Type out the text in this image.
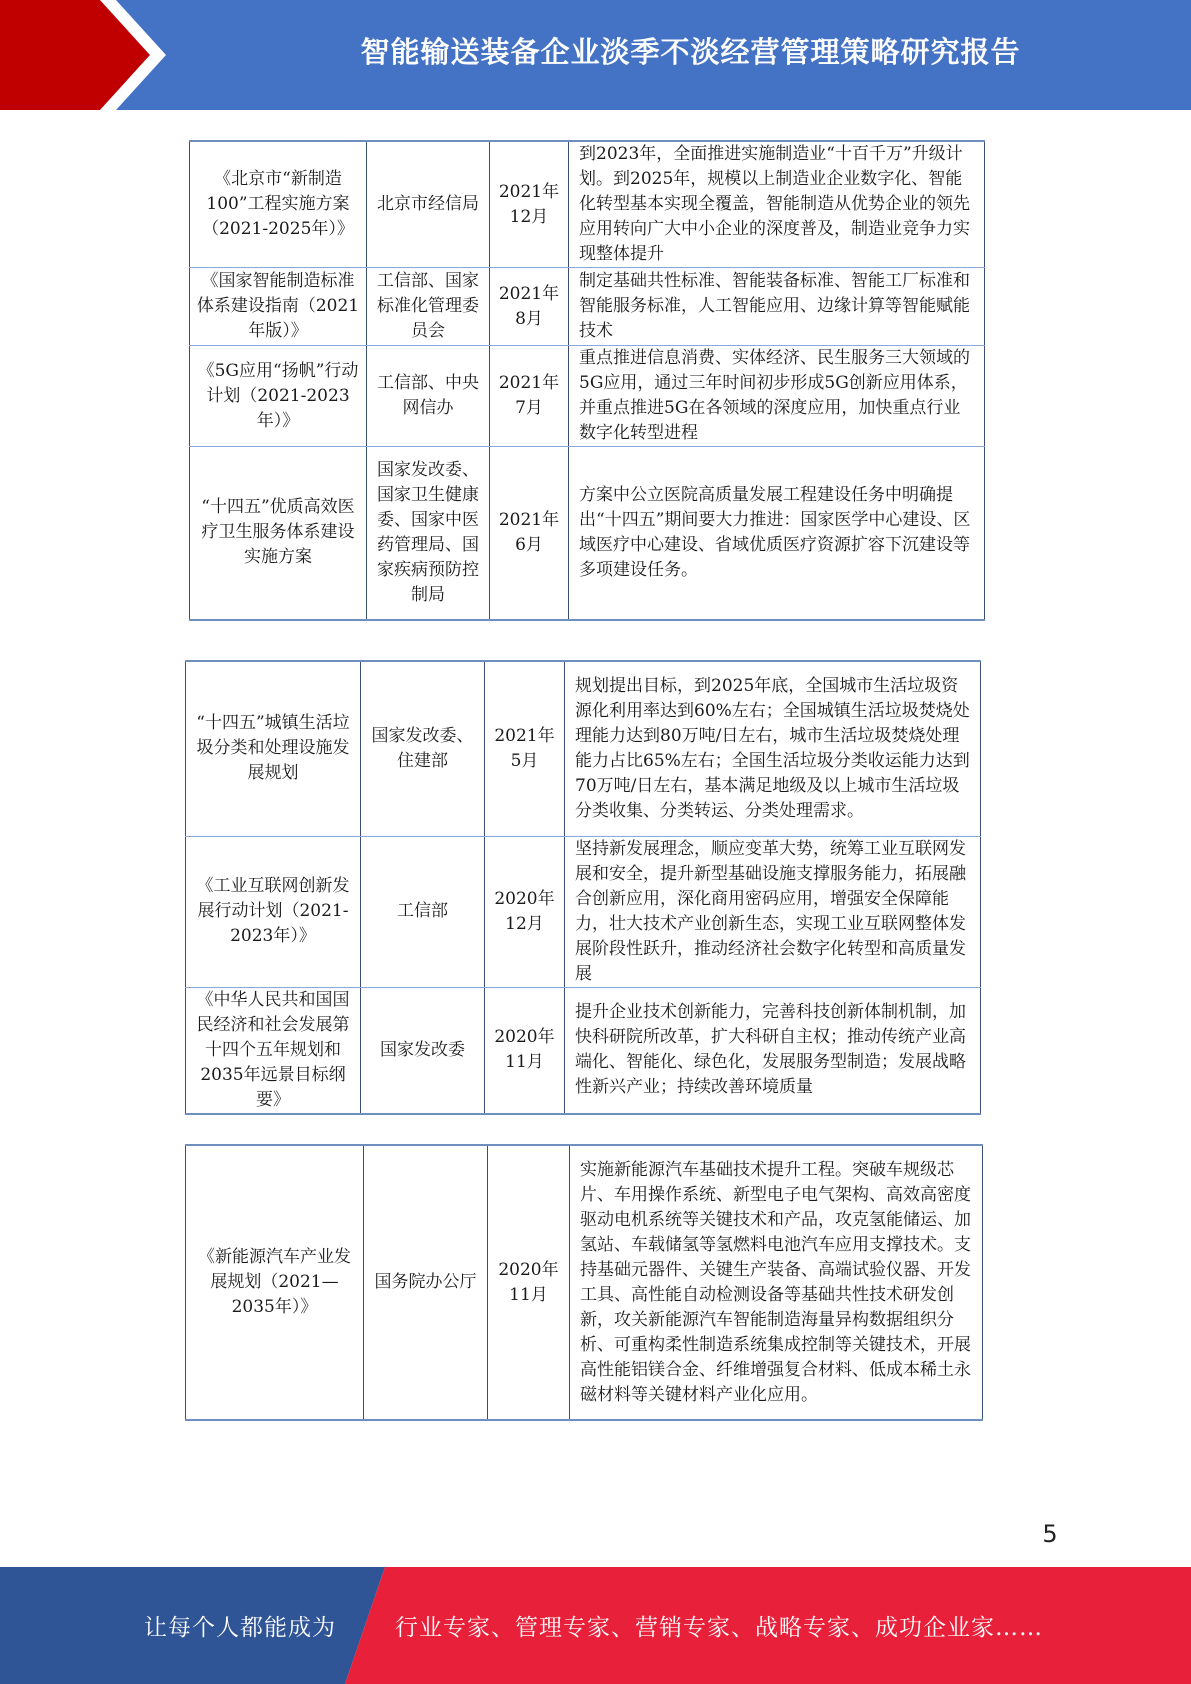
智能输送装备企业淡季不淡经营管理策略研究报告
《北京市“新制造100”工程实施方案（2021-2025年）》	北京市经信局	2021年12月	到2023年，全面推进实施制造业“十百千万”升级计划。到2025年，规模以上制造业企业数字化、智能化转型基本实现全覆盖，智能制造从优势企业的领先应用转向广大中小企业的深度普及，制造业竞争力实现整体提升
《国家智能制造标准体系建设指南（2021年版）》	工信部、国家标准化管理委员会	2021年8月	制定基础共性标准、智能装备标准、智能工厂标准和智能服务标准，人工智能应用、边缘计算等智能赋能技术
《5G应用“扬帆”行动计划（2021-2023年）》	工信部、中央网信办	2021年7月	重点推进信息消费、实体经济、民生服务三大领域的5G应用，通过三年时间初步形成5G创新应用体系，并重点推进5G在各领域的深度应用，加快重点行业数字化转型进程
“十四五”优质高效医疗卫生服务体系建设实施方案	国家发改委、国家卫生健康委、国家中医药管理局、国家疾病预防控制局	2021年6月	方案中公立医院高质量发展工程建设任务中明确提出“十四五”期间要大力推进：国家医学中心建设、区域医疗中心建设、省域优质医疗资源扩容下沉建设等多项建设任务。
“十四五”城镇生活垃圾分类和处理设施发展规划	国家发改委、住建部	2021年5月	规划提出目标，到2025年底，全国城市生活垃圾资源化利用率达到60%左右；全国城镇生活垃圾焚烧处理能力达到80万吨/日左右，城市生活垃圾焚烧处理能力占比65%左右；全国生活垃圾分类收运能力达到70万吨/日左右，基本满足地级及以上城市生活垃圾分类收集、分类转运、分类处理需求。
《工业互联网创新发展行动计划（2021-2023年）》	工信部	2020年12月	坚持新发展理念，顺应变革大势，统筹工业互联网发展和安全，提升新型基础设施支撑服务能力，拓展融合创新应用，深化商用密码应用，增强安全保障能力，壮大技术产业创新生态，实现工业互联网整体发展阶段性跃升，推动经济社会数字化转型和高质量发展
《中华人民共和国国民经济和社会发展第十四个五年规划和2035年远景目标纲要》	国家发改委	2020年11月	提升企业技术创新能力，完善科技创新体制机制，加快科研院所改革，扩大科研自主权；推动传统产业高端化、智能化、绿色化，发展服务型制造；发展战略性新兴产业；持续改善环境质量
《新能源汽车产业发展规划（2021—2035年）》	国务院办公厅	2020年11月	实施新能源汽车基础技术提升工程。突破车规级芯片、车用操作系统、新型电子电气架构、高效高密度驱动电机系统等关键技术和产品，攻克氢能储运、加氢站、车载储氢等氢燃料电池汽车应用支撑技术。支持基础元器件、关键生产装备、高端试验仪器、开发工具、高性能自动检测设备等基础共性技术研发创新，攻关新能源汽车智能制造海量异构数据组织分析、可重构柔性制造系统集成控制等关键技术，开展高性能铝镁合金、纤维增强复合材料、低成本稀土永磁材料等关键材料产业化应用。
5
让每个人都能成为	行业专家、管理专家、营销专家、战略专家、成功企业家……
